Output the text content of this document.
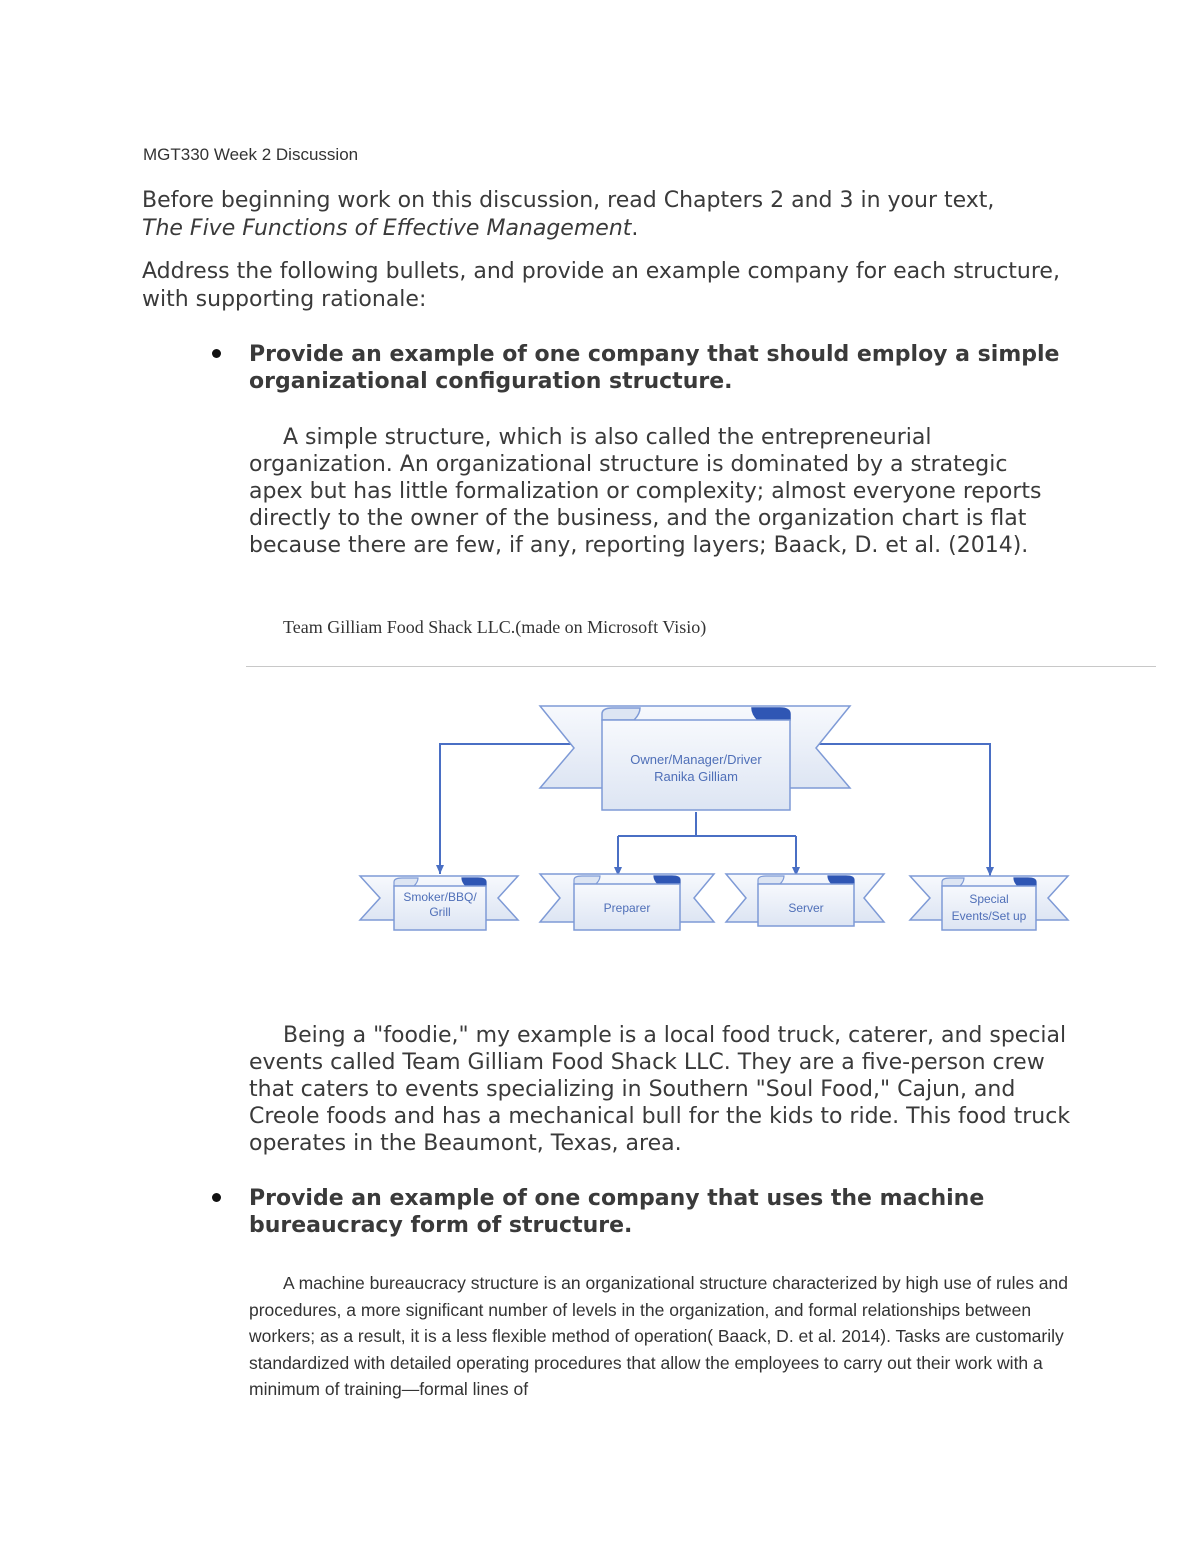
MGT330 Week 2 Discussion
Before beginning work on this discussion, read Chapters 2 and 3 in your text,
The Five Functions of Effective Management.
Address the following bullets, and provide an example company for each structure, with supporting rationale:
Provide an example of one company that should employ a simple organizational configuration structure.
A simple structure, which is also called the entrepreneurial organization. An organizational structure is dominated by a strategic apex but has little formalization or complexity; almost everyone reports directly to the owner of the business, and the organization chart is flat because there are few, if any, reporting layers; Baack, D. et al. (2014).
Team Gilliam Food Shack LLC.(made on Microsoft Visio)
Owner/Manager/Driver
Ranika Gilliam
Smoker/BBQ/
Grill	Preparer	Server
Special
Events/Set up
Being a "foodie," my example is a local food truck, caterer, and special events called Team Gilliam Food Shack LLC. They are a five-person crew that caters to events specializing in Southern "Soul Food," Cajun, and Creole foods and has a mechanical bull for the kids to ride. This food truck operates in the Beaumont, Texas, area.
Provide an example of one company that uses the machine bureaucracy form of structure.
A machine bureaucracy structure is an organizational structure characterized by high use of rules and procedures, a more significant number of levels in the organization, and formal relationships between workers; as a result, it is a less flexible method of operation( Baack, D. et al. 2014). Tasks are customarily standardized with detailed operating procedures that allow the employees to carry out their work with a minimum of training—formal lines of
